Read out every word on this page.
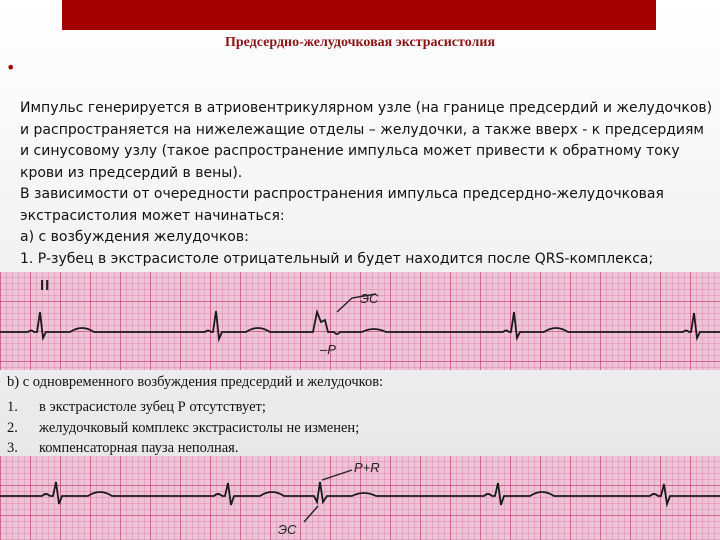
Предсердно-желудочковая экстрасистолия
•

Импульс генерируется в атриовентрикулярном узле (на границе предсердий и желудочков) и распространяется на нижележащие отделы – желудочки, а также вверх - к предсердиям и синусовому узлу (такое распространение импульса может привести к обратному току крови из предсердий в вены).

В зависимости от очередности распространения импульса предсердно-желудочковая экстрасистолия может начинаться:

а) с возбуждения желудочков:

1. P-зубец в экстрасистоле отрицательный и будет находится после QRS-комплекса;

II
ЭС
–P

b) с одновременного возбуждения предсердий и желудочков:

1.	в экстрасистоле зубец Р отсутствует;
2.	желудочковый комплекс экстрасистолы не изменен;
3.	компенсаторная пауза неполная.
P+R
ЭС
